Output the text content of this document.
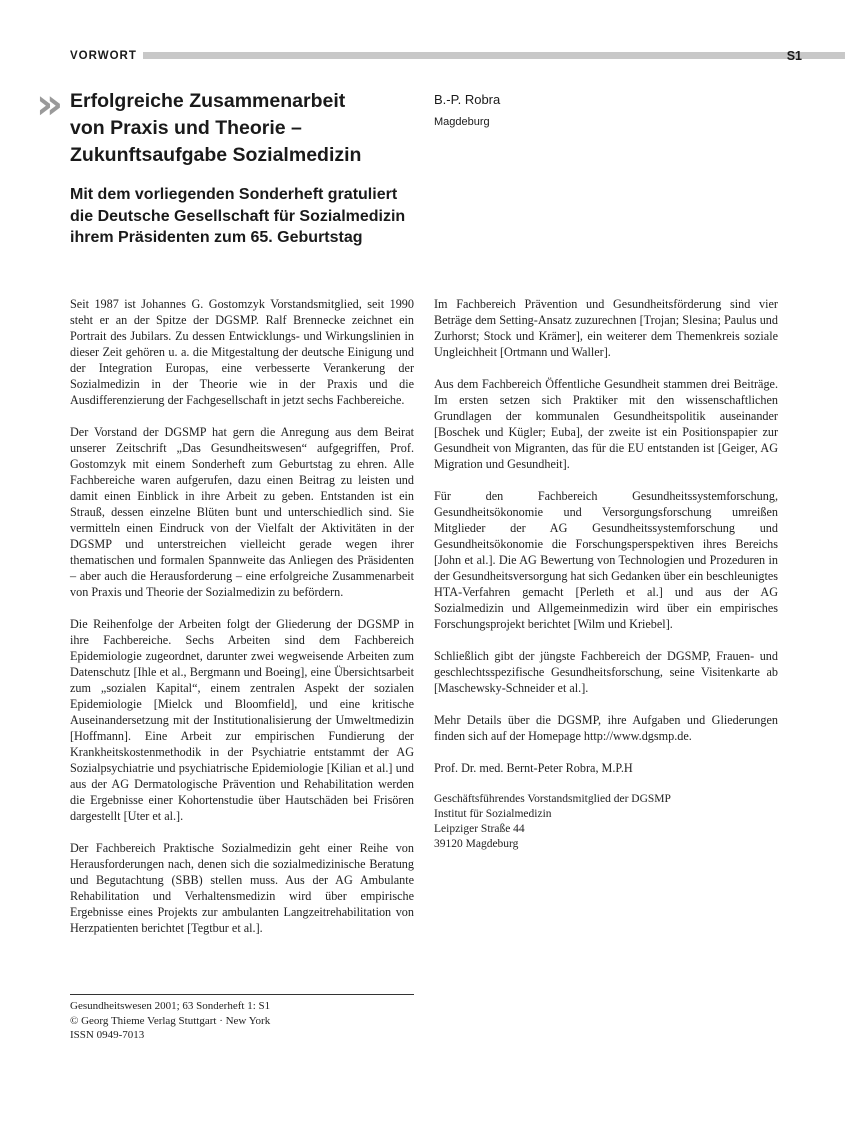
VORWORT	S1
» Erfolgreiche Zusammenarbeit
von Praxis und Theorie –
Zukunftsaufgabe Sozialmedizin
Mit dem vorliegenden Sonderheft gratuliert
die Deutsche Gesellschaft für Sozialmedizin
ihrem Präsidenten zum 65. Geburtstag
B.-P. Robra
Magdeburg

Seit 1987 ist Johannes G. Gostomzyk Vorstandsmitglied, seit 1990 steht er an der Spitze der DGSMP. Ralf Brennecke zeichnet ein Portrait des Jubilars. Zu dessen Entwicklungs- und Wirkungslinien in dieser Zeit gehören u. a. die Mitgestaltung der deutsche Einigung und der Integration Europas, eine verbesserte Verankerung der Sozialmedizin in der Theorie wie in der Praxis und die Ausdifferenzierung der Fachgesellschaft in jetzt sechs Fachbereiche.

Der Vorstand der DGSMP hat gern die Anregung aus dem Beirat unserer Zeitschrift „Das Gesundheitswesen“ aufgegriffen, Prof. Gostomzyk mit einem Sonderheft zum Geburtstag zu ehren. Alle Fachbereiche waren aufgerufen, dazu einen Beitrag zu leisten und damit einen Einblick in ihre Arbeit zu geben. Entstanden ist ein Strauß, dessen einzelne Blüten bunt und unterschiedlich sind. Sie vermitteln einen Eindruck von der Vielfalt der Aktivitäten in der DGSMP und unterstreichen vielleicht gerade wegen ihrer thematischen und formalen Spannweite das Anliegen des Präsidenten – aber auch die Herausforderung – eine erfolgreiche Zusammenarbeit von Praxis und Theorie der Sozialmedizin zu befördern.

Die Reihenfolge der Arbeiten folgt der Gliederung der DGSMP in ihre Fachbereiche. Sechs Arbeiten sind dem Fachbereich Epidemiologie zugeordnet, darunter zwei wegweisende Arbeiten zum Datenschutz [Ihle et al., Bergmann und Boeing], eine Übersichtsarbeit zum „sozialen Kapital“, einem zentralen Aspekt der sozialen Epidemiologie [Mielck und Bloomfield], und eine kritische Auseinandersetzung mit der Institutionalisierung der Umweltmedizin [Hoffmann]. Eine Arbeit zur empirischen Fundierung der Krankheitskostenmethodik in der Psychiatrie entstammt der AG Sozialpsychiatrie und psychiatrische Epidemiologie [Kilian et al.] und aus der AG Dermatologische Prävention und Rehabilitation werden die Ergebnisse einer Kohortenstudie über Hautschäden bei Frisören dargestellt [Uter et al.].

Der Fachbereich Praktische Sozialmedizin geht einer Reihe von Herausforderungen nach, denen sich die sozialmedizinische Beratung und Begutachtung (SBB) stellen muss. Aus der AG Ambulante Rehabilitation und Verhaltensmedizin wird über empirische Ergebnisse eines Projekts zur ambulanten Langzeitrehabilitation von Herzpatienten berichtet [Tegtbur et al.].

Im Fachbereich Prävention und Gesundheitsförderung sind vier Beträge dem Setting-Ansatz zuzurechnen [Trojan; Slesina; Paulus und Zurhorst; Stock und Krämer], ein weiterer dem Themenkreis soziale Ungleichheit [Ortmann und Waller].

Aus dem Fachbereich Öffentliche Gesundheit stammen drei Beiträge. Im ersten setzen sich Praktiker mit den wissenschaftlichen Grundlagen der kommunalen Gesundheitspolitik auseinander [Boschek und Kügler; Euba], der zweite ist ein Positionspapier zur Gesundheit von Migranten, das für die EU entstanden ist [Geiger, AG Migration und Gesundheit].

Für den Fachbereich Gesundheitssystemforschung, Gesundheitsökonomie und Versorgungsforschung umreißen Mitglieder der AG Gesundheitssystemforschung und Gesundheitsökonomie die Forschungsperspektiven ihres Bereichs [John et al.]. Die AG Bewertung von Technologien und Prozeduren in der Gesundheitsversorgung hat sich Gedanken über ein beschleunigtes HTA-Verfahren gemacht [Perleth et al.] und aus der AG Sozialmedizin und Allgemeinmedizin wird über ein empirisches Forschungsprojekt berichtet [Wilm und Kriebel].

Schließlich gibt der jüngste Fachbereich der DGSMP, Frauen- und geschlechtsspezifische Gesundheitsforschung, seine Visitenkarte ab [Maschewsky-Schneider et al.].

Mehr Details über die DGSMP, ihre Aufgaben und Gliederungen finden sich auf der Homepage http://www.dgsmp.de.

Prof. Dr. med. Bernt-Peter Robra, M.P.H

Geschäftsführendes Vorstandsmitglied der DGSMP

Institut für Sozialmedizin

Leipziger Straße 44

39120 Magdeburg

Gesundheitswesen 2001; 63 Sonderheft 1: S1
© Georg Thieme Verlag Stuttgart · New York
ISSN 0949-7013
